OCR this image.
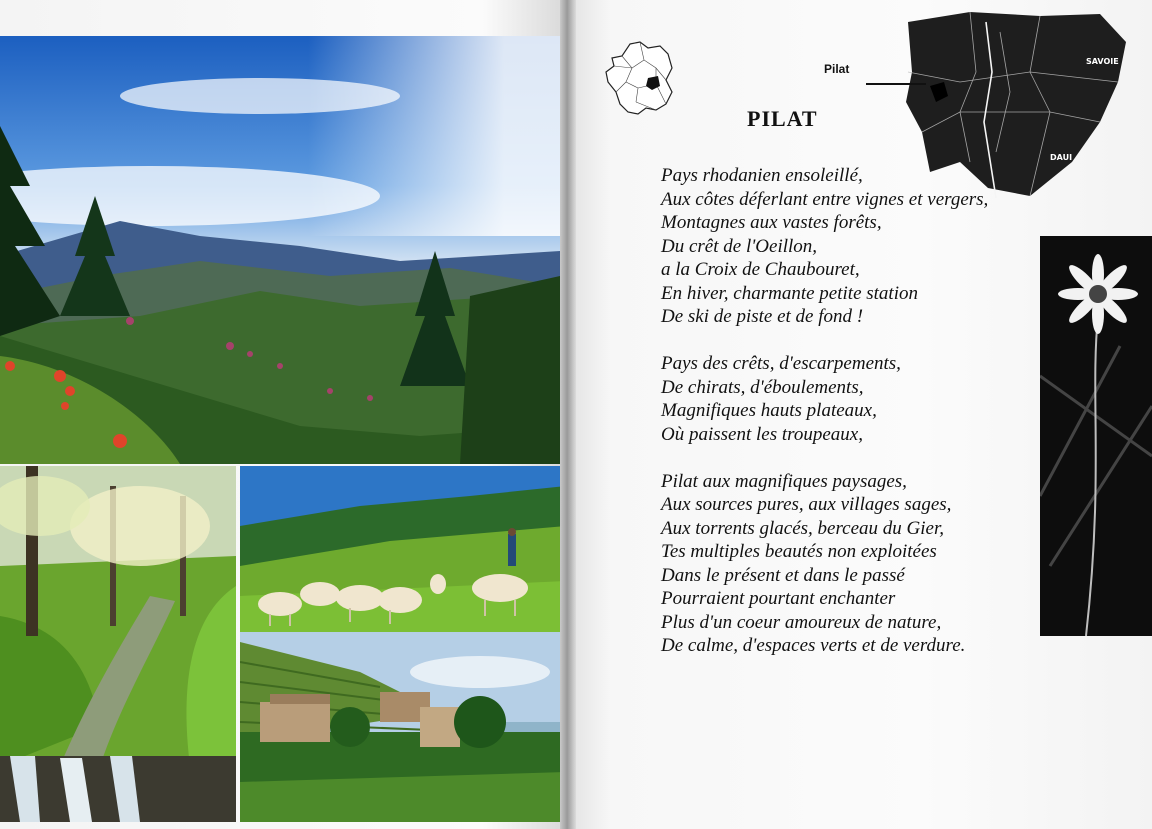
SAVOIE
DAUI
Pilat
PILAT
Pays rhodanien ensoleillé,
Aux côtes déferlant entre vignes et vergers,
Montagnes aux vastes forêts,
Du crêt de l'Oeillon,
a la Croix de Chaubouret,
En hiver, charmante petite station
De ski de piste et de fond !
Pays des crêts, d'escarpements,
De chirats, d'éboulements,
Magnifiques hauts plateaux,
Où paissent les troupeaux,
Pilat aux magnifiques paysages,
Aux sources pures, aux villages sages,
Aux torrents glacés, berceau du Gier,
Tes multiples beautés non exploitées
Dans le présent et dans le passé
Pourraient pourtant enchanter
Plus d'un coeur amoureux de nature,
De calme, d'espaces verts et de verdure.
